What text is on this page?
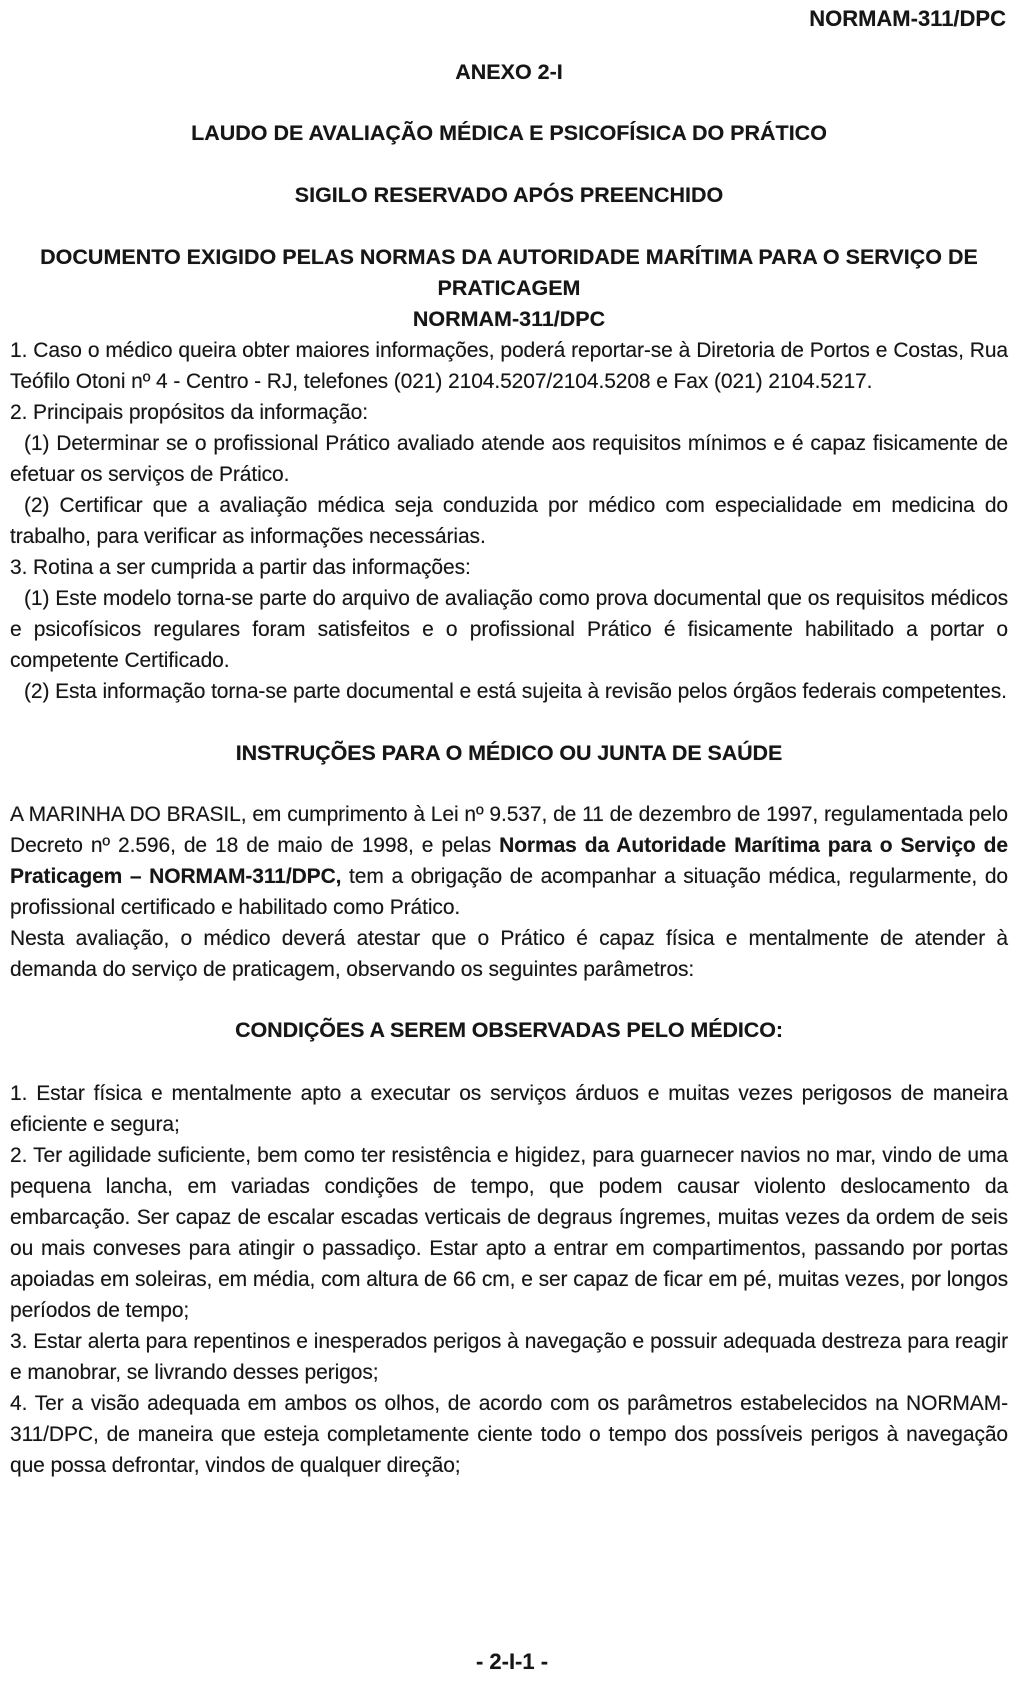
NORMAM-311/DPC
ANEXO 2-I
LAUDO DE AVALIAÇÃO MÉDICA E PSICOFÍSICA DO PRÁTICO
SIGILO RESERVADO APÓS PREENCHIDO
DOCUMENTO EXIGIDO PELAS NORMAS DA AUTORIDADE MARÍTIMA PARA O SERVIÇO DE
PRATICAGEM
NORMAM-311/DPC

1. Caso o médico queira obter maiores informações, poderá reportar-se à Diretoria de Portos e Costas, Rua Teófilo Otoni nº 4 - Centro - RJ, telefones (021) 2104.5207/2104.5208 e Fax (021) 2104.5217.

2. Principais propósitos da informação:

(1) Determinar se o profissional Prático avaliado atende aos requisitos mínimos e é capaz fisicamente de efetuar os serviços de Prático.

(2) Certificar que a avaliação médica seja conduzida por médico com especialidade em medicina do trabalho, para verificar as informações necessárias.

3. Rotina a ser cumprida a partir das informações:

(1) Este modelo torna-se parte do arquivo de avaliação como prova documental que os requisitos médicos e psicofísicos regulares foram satisfeitos e o profissional Prático é fisicamente habilitado a portar o competente Certificado.

(2) Esta informação torna-se parte documental e está sujeita à revisão pelos órgãos federais competentes.

INSTRUÇÕES PARA O MÉDICO OU JUNTA DE SAÚDE

A MARINHA DO BRASIL, em cumprimento à Lei nº 9.537, de 11 de dezembro de 1997, regulamentada pelo Decreto nº 2.596, de 18 de maio de 1998, e pelas Normas da Autoridade Marítima para o Serviço de Praticagem – NORMAM-311/DPC, tem a obrigação de acompanhar a situação médica, regularmente, do profissional certificado e habilitado como Prático.

Nesta avaliação, o médico deverá atestar que o Prático é capaz física e mentalmente de atender à demanda do serviço de praticagem, observando os seguintes parâmetros:

CONDIÇÕES A SEREM OBSERVADAS PELO MÉDICO:

1. Estar física e mentalmente apto a executar os serviços árduos e muitas vezes perigosos de maneira eficiente e segura;

2. Ter agilidade suficiente, bem como ter resistência e higidez, para guarnecer navios no mar, vindo de uma pequena lancha, em variadas condições de tempo, que podem causar violento deslocamento da embarcação. Ser capaz de escalar escadas verticais de degraus íngremes, muitas vezes da ordem de seis ou mais conveses para atingir o passadiço. Estar apto a entrar em compartimentos, passando por portas apoiadas em soleiras, em média, com altura de 66 cm, e ser capaz de ficar em pé, muitas vezes, por longos períodos de tempo;

3. Estar alerta para repentinos e inesperados perigos à navegação e possuir adequada destreza para reagir e manobrar, se livrando desses perigos;

4. Ter a visão adequada em ambos os olhos, de acordo com os parâmetros estabelecidos na NORMAM-311/DPC, de maneira que esteja completamente ciente todo o tempo dos possíveis perigos à navegação que possa defrontar, vindos de qualquer direção;

- 2-I-1 -
